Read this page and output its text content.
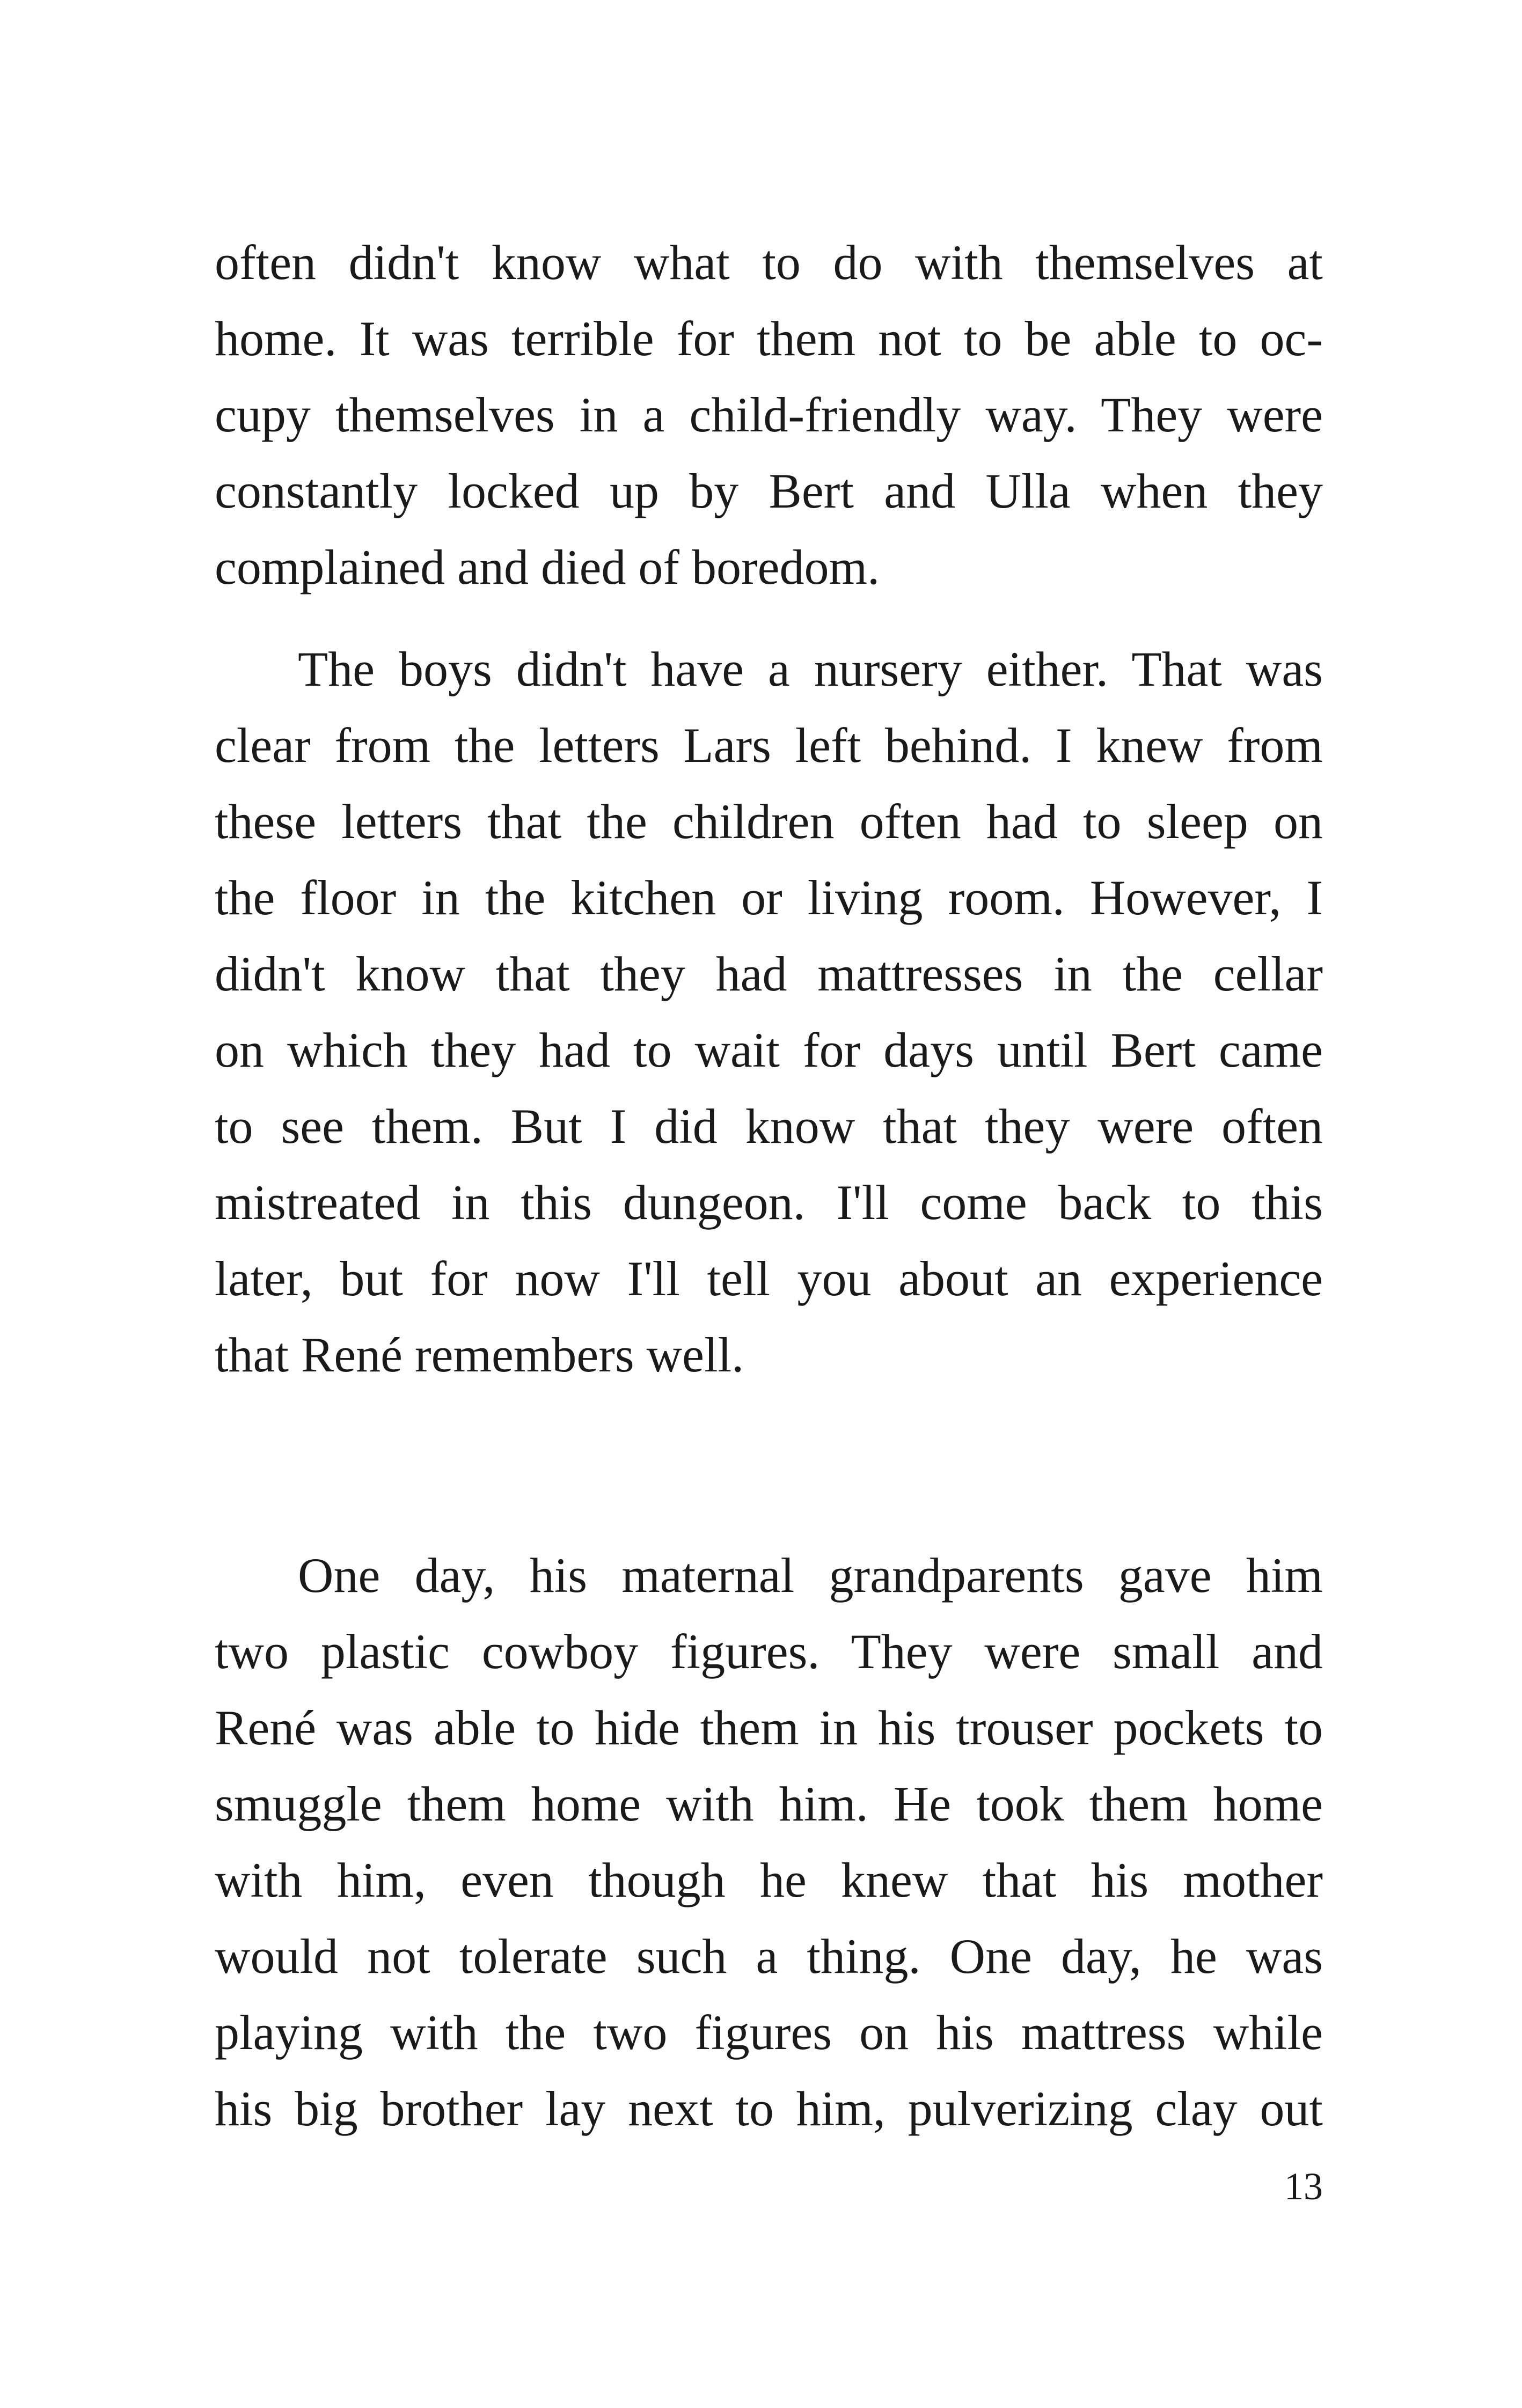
often didn't know what to do with themselves at
home. It was terrible for them not to be able to oc-
cupy themselves in a child-friendly way. They were
constantly locked up by Bert and Ulla when they
complained and died of boredom.
The boys didn't have a nursery either. That was
clear from the letters Lars left behind. I knew from
these letters that the children often had to sleep on
the floor in the kitchen or living room. However, I
didn't know that they had mattresses in the cellar
on which they had to wait for days until Bert came
to see them. But I did know that they were often
mistreated in this dungeon. I'll come back to this
later, but for now I'll tell you about an experience
that René remembers well.
One day, his maternal grandparents gave him
two plastic cowboy figures. They were small and
René was able to hide them in his trouser pockets to
smuggle them home with him. He took them home
with him, even though he knew that his mother
would not tolerate such a thing. One day, he was
playing with the two figures on his mattress while
his big brother lay next to him, pulverizing clay out
13
